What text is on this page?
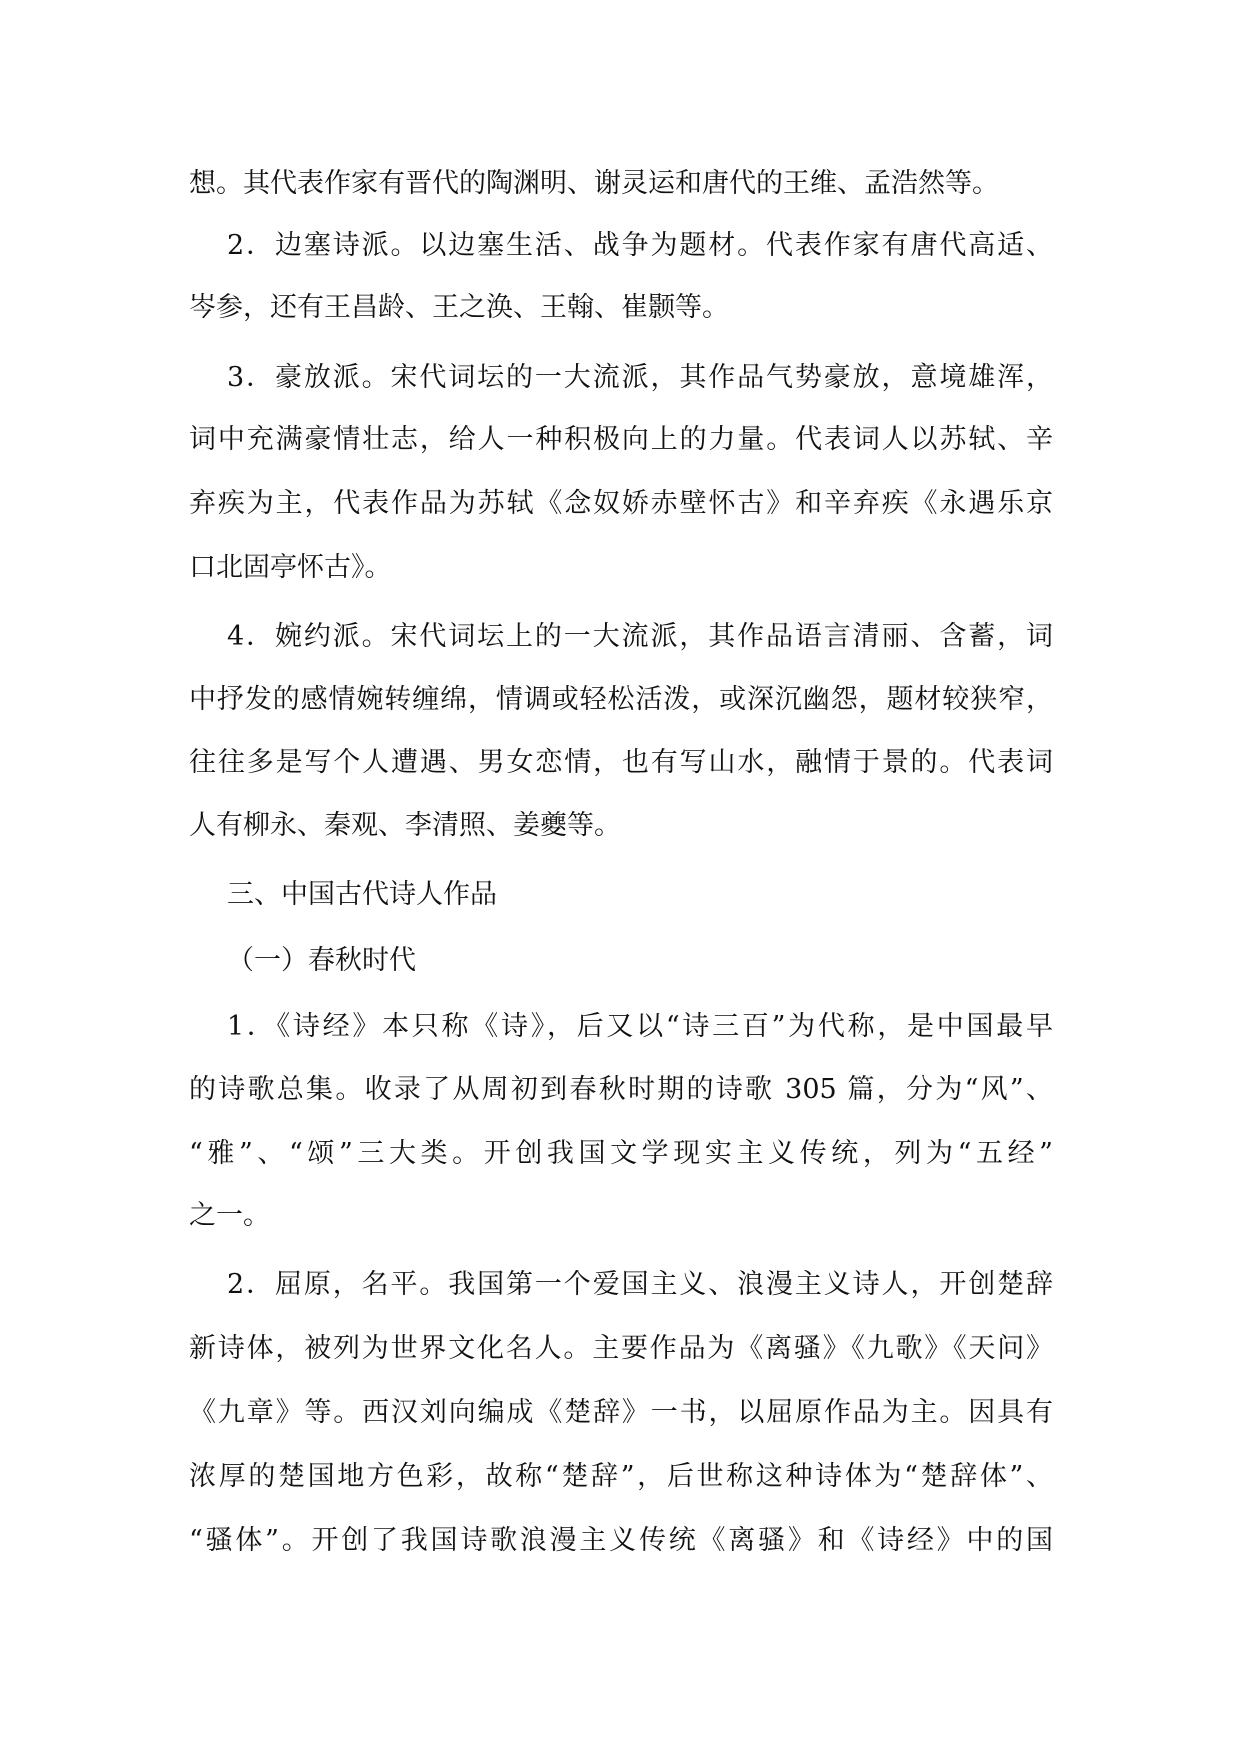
想。其代表作家有晋代的陶渊明、谢灵运和唐代的王维、孟浩然等。
2．边塞诗派。以边塞生活、战争为题材。代表作家有唐代高适、
岑参，还有王昌龄、王之涣、王翰、崔颢等。
3．豪放派。宋代词坛的一大流派，其作品气势豪放，意境雄浑，
词中充满豪情壮志，给人一种积极向上的力量。代表词人以苏轼、辛
弃疾为主，代表作品为苏轼《念奴娇赤壁怀古》和辛弃疾《永遇乐京
口北固亭怀古》。
4．婉约派。宋代词坛上的一大流派，其作品语言清丽、含蓄，词
中抒发的感情婉转缠绵，情调或轻松活泼，或深沉幽怨，题材较狭窄，
往往多是写个人遭遇、男女恋情，也有写山水，融情于景的。代表词
人有柳永、秦观、李清照、姜夔等。
三、中国古代诗人作品
（一）春秋时代
1．《诗经》本只称《诗》，后又以“诗三百”为代称，是中国最早
的诗歌总集。收录了从周初到春秋时期的诗歌 305 篇，分为“风”、
“雅”、“颂”三大类。开创我国文学现实主义传统，列为“五经”
之一。
2．屈原，名平。我国第一个爱国主义、浪漫主义诗人，开创楚辞
新诗体，被列为世界文化名人。主要作品为《离骚》《九歌》《天问》
《九章》等。西汉刘向编成《楚辞》一书，以屈原作品为主。因具有
浓厚的楚国地方色彩，故称“楚辞”，后世称这种诗体为“楚辞体”、
“骚体”。开创了我国诗歌浪漫主义传统《离骚》和《诗经》中的国
